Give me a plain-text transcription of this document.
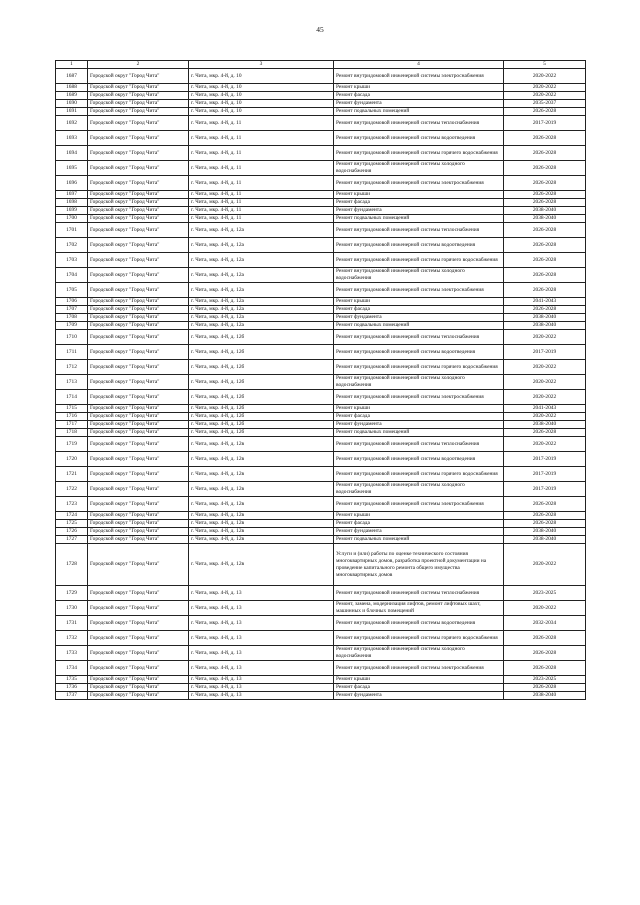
45
1	2	3	4	5
1687	Городской округ "Город Чита"	г. Чита, мкр. 4-й, д. 10	Ремонт внутридомовой инженерной системы электроснабжения	2020-2022
1688	Городской округ "Город Чита"	г. Чита, мкр. 4-й, д. 10	Ремонт крыши	2020-2022
1689	Городской округ "Город Чита"	г. Чита, мкр. 4-й, д. 10	Ремонт фасада	2020-2022
1690	Городской округ "Город Чита"	г. Чита, мкр. 4-й, д. 10	Ремонт фундамента	2035-2037
1691	Городской округ "Город Чита"	г. Чита, мкр. 4-й, д. 10	Ремонт подвальных помещений	2026-2028
1692	Городской округ "Город Чита"	г. Чита, мкр. 4-й, д. 11	Ремонт внутридомовой инженерной системы теплоснабжения	2017-2019
1693	Городской округ "Город Чита"	г. Чита, мкр. 4-й, д. 11	Ремонт внутридомовой инженерной системы водоотведения	2026-2028
1694	Городской округ "Город Чита"	г. Чита, мкр. 4-й, д. 11	Ремонт внутридомовой инженерной системы горячего водоснабжения	2026-2028
1695	Городской округ "Город Чита"	г. Чита, мкр. 4-й, д. 11	Ремонт внутридомовой инженерной системы холодного водоснабжения	2026-2028
1696	Городской округ "Город Чита"	г. Чита, мкр. 4-й, д. 11	Ремонт внутридомовой инженерной системы электроснабжения	2026-2028
1697	Городской округ "Город Чита"	г. Чита, мкр. 4-й, д. 11	Ремонт крыши	2026-2028
1698	Городской округ "Город Чита"	г. Чита, мкр. 4-й, д. 11	Ремонт фасада	2026-2028
1699	Городской округ "Город Чита"	г. Чита, мкр. 4-й, д. 11	Ремонт фундамента	2038-2040
1700	Городской округ "Город Чита"	г. Чита, мкр. 4-й, д. 11	Ремонт подвальных помещений	2038-2040
1701	Городской округ "Город Чита"	г. Чита, мкр. 4-й, д. 12а	Ремонт внутридомовой инженерной системы теплоснабжения	2026-2028
1702	Городской округ "Город Чита"	г. Чита, мкр. 4-й, д. 12а	Ремонт внутридомовой инженерной системы водоотведения	2026-2028
1703	Городской округ "Город Чита"	г. Чита, мкр. 4-й, д. 12а	Ремонт внутридомовой инженерной системы горячего водоснабжения	2026-2028
1704	Городской округ "Город Чита"	г. Чита, мкр. 4-й, д. 12а	Ремонт внутридомовой инженерной системы холодного водоснабжения	2026-2028
1705	Городской округ "Город Чита"	г. Чита, мкр. 4-й, д. 12а	Ремонт внутридомовой инженерной системы электроснабжения	2026-2028
1706	Городской округ "Город Чита"	г. Чита, мкр. 4-й, д. 12а	Ремонт крыши	2041-2043
1707	Городской округ "Город Чита"	г. Чита, мкр. 4-й, д. 12а	Ремонт фасада	2026-2028
1708	Городской округ "Город Чита"	г. Чита, мкр. 4-й, д. 12а	Ремонт фундамента	2038-2040
1709	Городской округ "Город Чита"	г. Чита, мкр. 4-й, д. 12а	Ремонт подвальных помещений	2038-2040
1710	Городской округ "Город Чита"	г. Чита, мкр. 4-й, д. 12б	Ремонт внутридомовой инженерной системы теплоснабжения	2020-2022
1711	Городской округ "Город Чита"	г. Чита, мкр. 4-й, д. 12б	Ремонт внутридомовой инженерной системы водоотведения	2017-2019
1712	Городской округ "Город Чита"	г. Чита, мкр. 4-й, д. 12б	Ремонт внутридомовой инженерной системы горячего водоснабжения	2020-2022
1713	Городской округ "Город Чита"	г. Чита, мкр. 4-й, д. 12б	Ремонт внутридомовой инженерной системы холодного водоснабжения	2020-2022
1714	Городской округ "Город Чита"	г. Чита, мкр. 4-й, д. 12б	Ремонт внутридомовой инженерной системы электроснабжения	2020-2022
1715	Городской округ "Город Чита"	г. Чита, мкр. 4-й, д. 12б	Ремонт крыши	2041-2043
1716	Городской округ "Город Чита"	г. Чита, мкр. 4-й, д. 12б	Ремонт фасада	2020-2022
1717	Городской округ "Город Чита"	г. Чита, мкр. 4-й, д. 12б	Ремонт фундамента	2038-2040
1718	Городской округ "Город Чита"	г. Чита, мкр. 4-й, д. 12б	Ремонт подвальных помещений	2026-2028
1719	Городской округ "Город Чита"	г. Чита, мкр. 4-й, д. 12в	Ремонт внутридомовой инженерной системы теплоснабжения	2020-2022
1720	Городской округ "Город Чита"	г. Чита, мкр. 4-й, д. 12в	Ремонт внутридомовой инженерной системы водоотведения	2017-2019
1721	Городской округ "Город Чита"	г. Чита, мкр. 4-й, д. 12в	Ремонт внутридомовой инженерной системы горячего водоснабжения	2017-2019
1722	Городской округ "Город Чита"	г. Чита, мкр. 4-й, д. 12в	Ремонт внутридомовой инженерной системы холодного водоснабжения	2017-2019
1723	Городской округ "Город Чита"	г. Чита, мкр. 4-й, д. 12в	Ремонт внутридомовой инженерной системы электроснабжения	2026-2028
1724	Городской округ "Город Чита"	г. Чита, мкр. 4-й, д. 12в	Ремонт крыши	2026-2028
1725	Городской округ "Город Чита"	г. Чита, мкр. 4-й, д. 12в	Ремонт фасада	2026-2028
1726	Городской округ "Город Чита"	г. Чита, мкр. 4-й, д. 12в	Ремонт фундамента	2038-2040
1727	Городской округ "Город Чита"	г. Чита, мкр. 4-й, д. 12в	Ремонт подвальных помещений	2038-2040
1728	Городской округ "Город Чита"	г. Чита, мкр. 4-й, д. 12в	Услуги и (или) работы по оценке технического состояния многоквартирных домов, разработка проектной документации на проведение капитального ремонта общего имущества многоквартирных домов	2020-2022
1729	Городской округ "Город Чита"	г. Чита, мкр. 4-й, д. 13	Ремонт внутридомовой инженерной системы теплоснабжения	2023-2025
1730	Городской округ "Город Чита"	г. Чита, мкр. 4-й, д. 13	Ремонт, замена, модернизация лифтов, ремонт лифтовых шахт, машинных и блочных помещений	2020-2022
1731	Городской округ "Город Чита"	г. Чита, мкр. 4-й, д. 13	Ремонт внутридомовой инженерной системы водоотведения	2032-2034
1732	Городской округ "Город Чита"	г. Чита, мкр. 4-й, д. 13	Ремонт внутридомовой инженерной системы горячего водоснабжения	2026-2028
1733	Городской округ "Город Чита"	г. Чита, мкр. 4-й, д. 13	Ремонт внутридомовой инженерной системы холодного водоснабжения	2026-2028
1734	Городской округ "Город Чита"	г. Чита, мкр. 4-й, д. 13	Ремонт внутридомовой инженерной системы электроснабжения	2026-2028
1735	Городской округ "Город Чита"	г. Чита, мкр. 4-й, д. 13	Ремонт крыши	2023-2025
1736	Городской округ "Город Чита"	г. Чита, мкр. 4-й, д. 13	Ремонт фасада	2026-2028
1737	Городской округ "Город Чита"	г. Чита, мкр. 4-й, д. 13	Ремонт фундамента	2038-2040
